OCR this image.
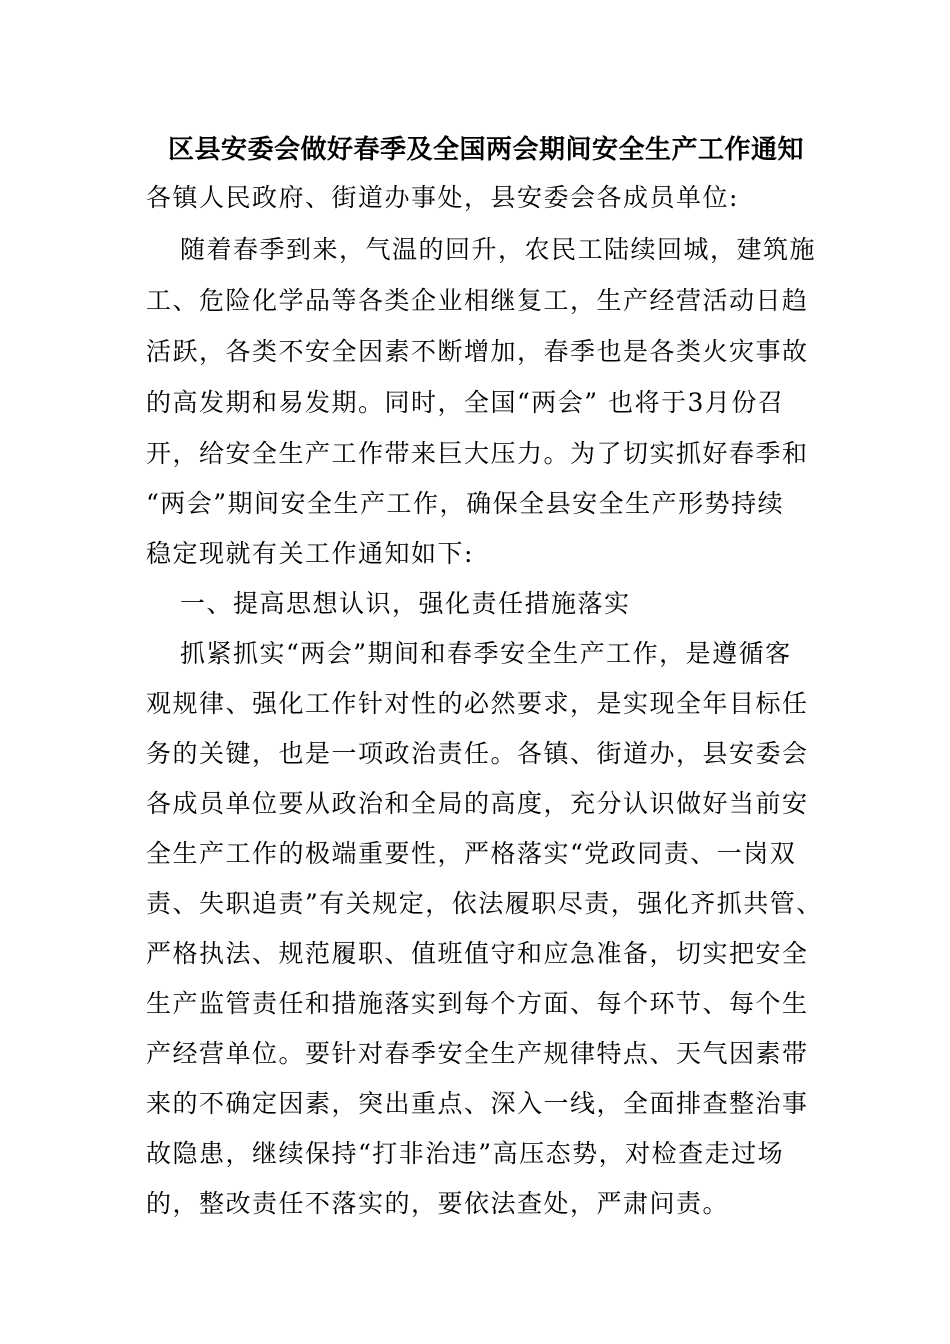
区县安委会做好春季及全国两会期间安全生产工作通知
各镇人民政府、街道办事处，县安委会各成员单位:
随着春季到来，气温的回升，农民工陆续回城，建筑施
工、危险化学品等各类企业相继复工，生产经营活动日趋
活跃，各类不安全因素不断增加，春季也是各类火灾事故
的高发期和易发期。同时，全国“两会” 也将于3月份召
开，给安全生产工作带来巨大压力。为了切实抓好春季和
“两会”期间安全生产工作，确保全县安全生产形势持续
稳定现就有关工作通知如下:
一、提高思想认识，强化责任措施落实
抓紧抓实“两会”期间和春季安全生产工作，是遵循客
观规律、强化工作针对性的必然要求，是实现全年目标任
务的关键，也是一项政治责任。各镇、街道办，县安委会
各成员单位要从政治和全局的高度，充分认识做好当前安
全生产工作的极端重要性，严格落实“党政同责、一岗双
责、失职追责”有关规定，依法履职尽责，强化齐抓共管、
严格执法、规范履职、值班值守和应急准备，切实把安全
生产监管责任和措施落实到每个方面、每个环节、每个生
产经营单位。要针对春季安全生产规律特点、天气因素带
来的不确定因素，突出重点、深入一线，全面排查整治事
故隐患，继续保持“打非治违”高压态势，对检查走过场
的，整改责任不落实的，要依法查处，严肃问责。
